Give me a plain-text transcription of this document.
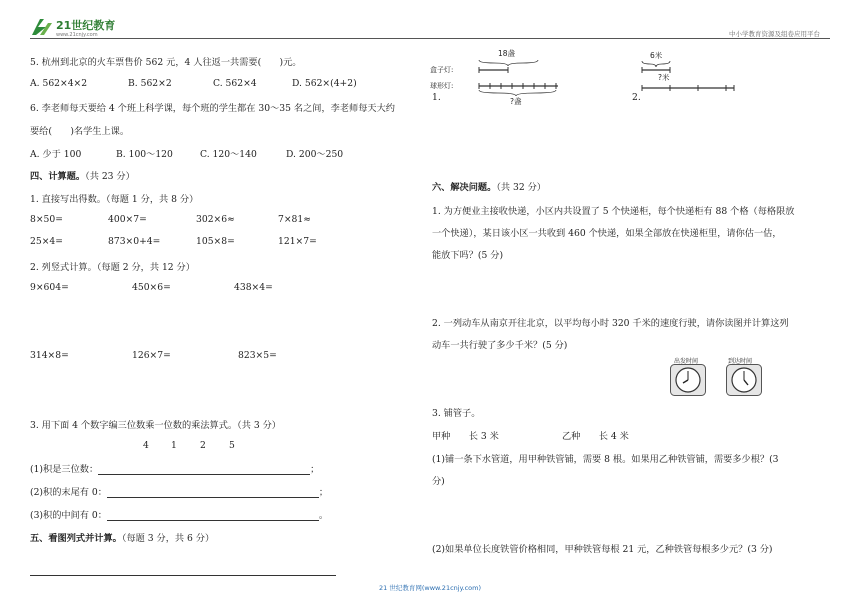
21世纪教育
www.21cnjy.com	中小学教育资源及组卷应用平台
5. 杭州到北京的火车票售价 562 元，4 人往返一共需要(　　)元。
A. 562×4×2	B. 562×2	C. 562×4	D. 562×(4+2)
6. 李老师每天要给 4 个班上科学课，每个班的学生都在 30～35 名之间，李老师每天大约
要给(　　)名学生上课。
A. 少于 100	B. 100～120	C. 120～140	D. 200～250
四、计算题。（共 23 分）
1. 直接写出得数。（每题 1 分，共 8 分）
8×50=	400×7=	302×6≈	7×81≈
25×4=	873×0+4=	105×8=	121×7=
2. 列竖式计算。（每题 2 分，共 12 分）
9×604=	450×6=	438×4=
314×8=	126×7=	823×5=
3. 用下面 4 个数字编三位数乘一位数的乘法算式。（共 3 分）
4 1	2	5
(1)积是三位数：	；
(2)积的末尾有 0：	；
(3)积的中间有 0：	。
五、看图列式并计算。（每题 3 分，共 6 分）
18盏
盒子灯:
球形灯:
?盏
1.
6米
?米
2.
六、解决问题。（共 32 分）
1. 为方便业主接收快递，小区内共设置了 5 个快递柜，每个快递柜有 88 个格（每格限放
一个快递），某日该小区一共收到 460 个快递，如果全部放在快递柜里，请你估一估，
能放下吗？(5 分)
2. 一列动车从南京开往北京，以平均每小时 320 千米的速度行驶，请你读图并计算这列
动车一共行驶了多少千米？(5 分)
出发时间	到达时间
3. 铺管子。
甲种　　长 3 米	乙种　　长 4 米
(1)铺一条下水管道，用甲种铁管铺，需要 8 根。如果用乙种铁管铺，需要多少根？(3
分)
(2)如果单位长度铁管价格相同，甲种铁管每根 21 元，乙种铁管每根多少元？(3 分)
21 世纪教育网(www.21cnjy.com)
